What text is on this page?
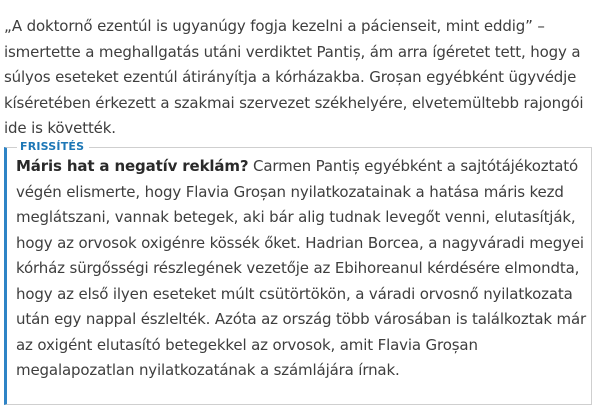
„A doktornő ezentúl is ugyanúgy fogja kezelni a pácienseit, mint eddig” – ismertette a meghallgatás utáni verdiktet Pantiș, ám arra ígéretet tett, hogy a súlyos eseteket ezentúl átirányítja a kórházakba. Groșan egyébként ügyvédje kíséretében érkezett a szakmai szervezet székhelyére, elvetemültebb rajongói ide is követték.

FRISSÍTÉS

Máris hat a negatív reklám? Carmen Pantiș egyébként a sajtótájékoztató végén elismerte, hogy Flavia Groșan nyilatkozatainak a hatása máris kezd meglátszani, vannak betegek, aki bár alig tudnak levegőt venni, elutasítják, hogy az orvosok oxigénre kössék őket. Hadrian Borcea, a nagyváradi megyei kórház sürgősségi részlegének vezetője az Ebihoreanul kérdésére elmondta, hogy az első ilyen eseteket múlt csütörtökön, a váradi orvosnő nyilatkozata után egy nappal észlelték. Azóta az ország több városában is találkoztak már az oxigént elutasító betegekkel az orvosok, amit Flavia Groșan megalapozatlan nyilatkozatának a számlájára írnak.
